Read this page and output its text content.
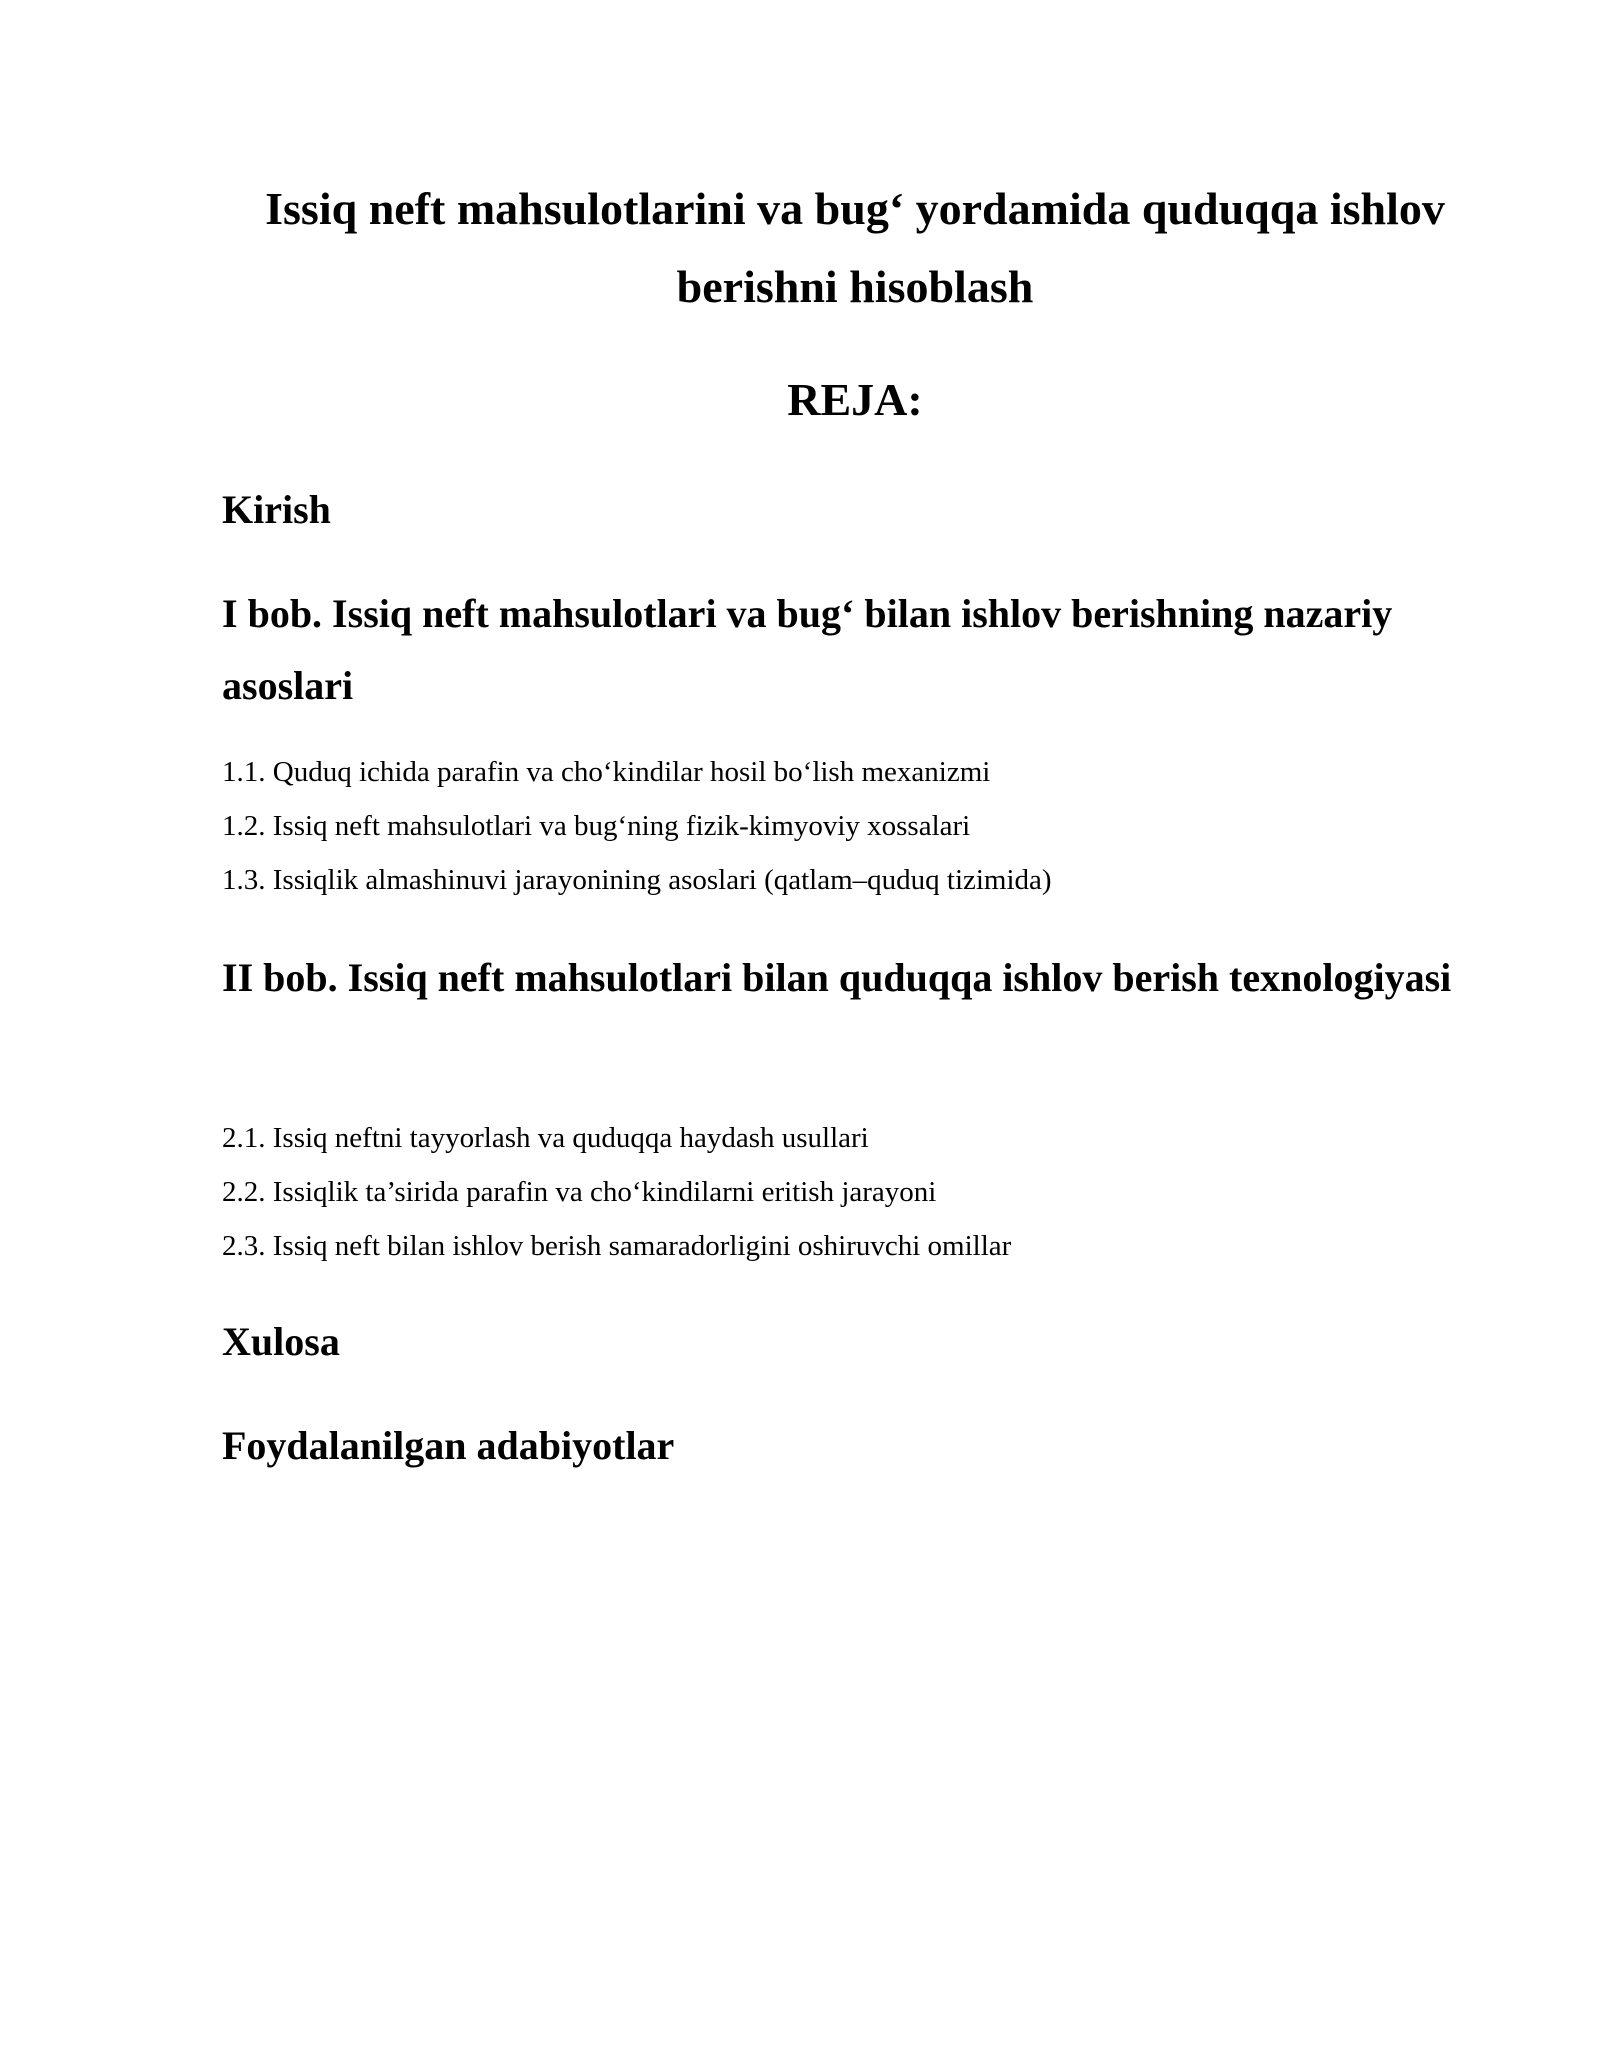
Issiq neft mahsulotlarini va bug‘ yordamida quduqqa ishlov berishni hisoblash
REJA:
Kirish
I bob. Issiq neft mahsulotlari va bug‘ bilan ishlov berishning nazariy asoslari

1.1. Quduq ichida parafin va cho‘kindilar hosil bo‘lish mexanizmi

1.2. Issiq neft mahsulotlari va bug‘ning fizik-kimyoviy xossalari

1.3. Issiqlik almashinuvi jarayonining asoslari (qatlam–quduq tizimida)

II bob. Issiq neft mahsulotlari bilan quduqqa ishlov berish texnologiyasi

2.1. Issiq neftni tayyorlash va quduqqa haydash usullari

2.2. Issiqlik ta’sirida parafin va cho‘kindilarni eritish jarayoni

2.3. Issiq neft bilan ishlov berish samaradorligini oshiruvchi omillar

Xulosa
Foydalanilgan adabiyotlar
